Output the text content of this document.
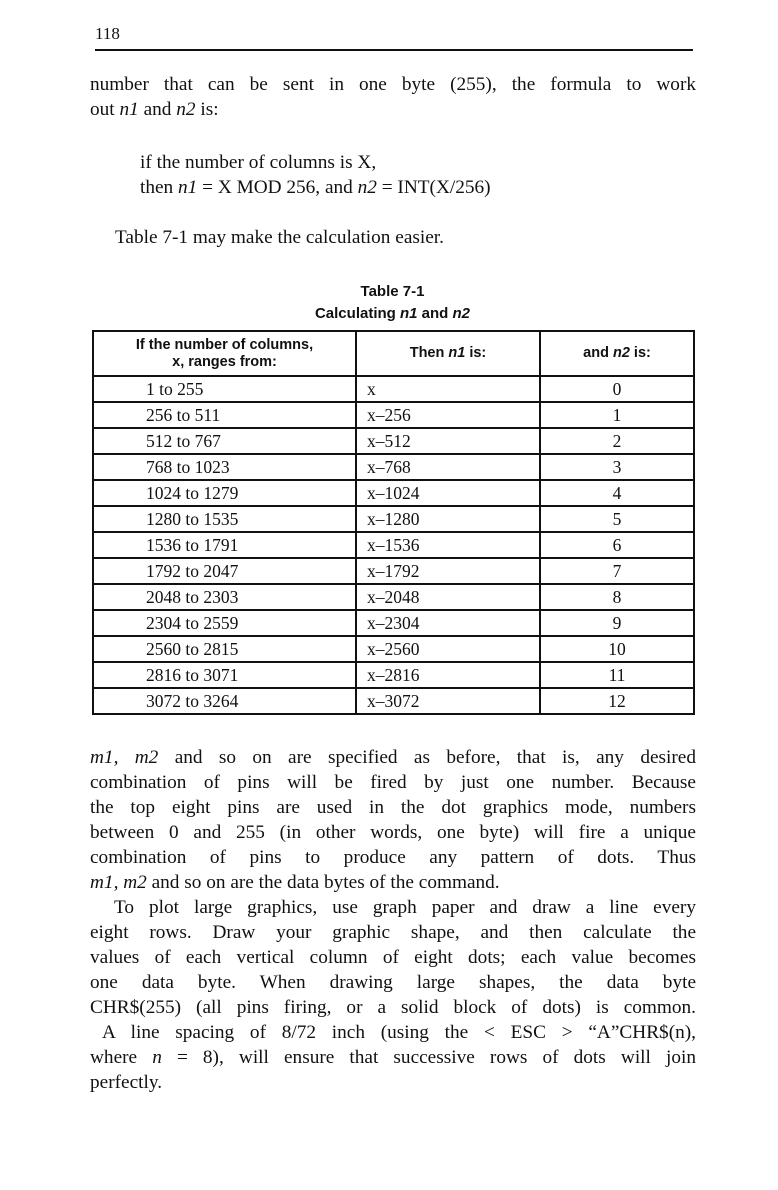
118

number that can be sent in one byte (255), the formula to work
out n1 and n2 is:

if the number of columns is X,
then n1 = X MOD 256, and n2 = INT(X/256)

Table 7-1 may make the calculation easier.
Table 7-1
Calculating n1 and n2
If the number of columns,
x, ranges from:	Then n1 is:	and n2 is:
1 to 255	x	0
256 to 511	x–256	1
512 to 767	x–512	2
768 to 1023	x–768	3
1024 to 1279	x–1024	4
1280 to 1535	x–1280	5
1536 to 1791	x–1536	6
1792 to 2047	x–1792	7
2048 to 2303	x–2048	8
2304 to 2559	x–2304	9
2560 to 2815	x–2560	10
2816 to 3071	x–2816	11
3072 to 3264	x–3072	12

m1, m2 and so on are specified as before, that is, any desired
combination of pins will be fired by just one number. Because
the top eight pins are used in the dot graphics mode, numbers
between 0 and 255 (in other words, one byte) will fire a unique
combination of pins to produce any pattern of dots. Thus
m1, m2 and so on are the data bytes of the command.

To plot large graphics, use graph paper and draw a line every
eight rows. Draw your graphic shape, and then calculate the
values of each vertical column of eight dots; each value becomes
one data byte. When drawing large shapes, the data byte
CHR$(255) (all pins firing, or a solid block of dots) is common.

A line spacing of 8/72 inch (using the < ESC > “A”CHR$(n),
where n = 8), will ensure that successive rows of dots will join
perfectly.
